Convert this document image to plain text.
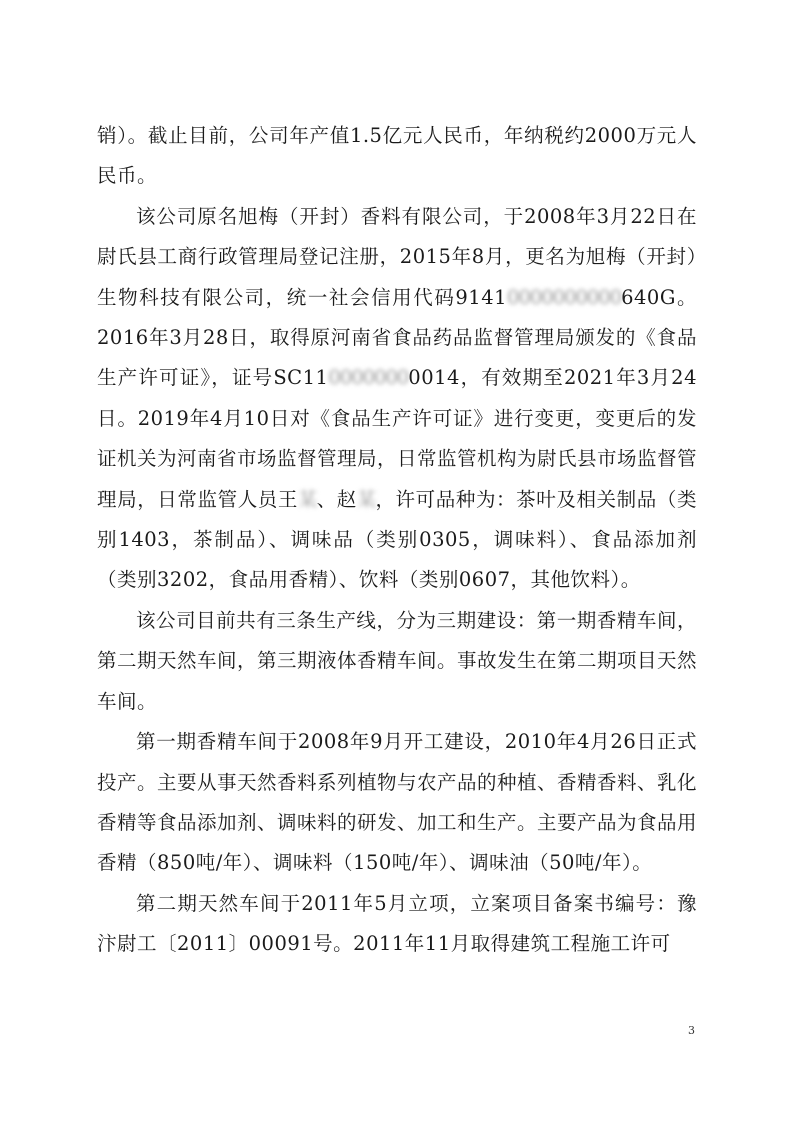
销）。截止目前，公司年产值1.5亿元人民币，年纳税约2000万元人民币。

该公司原名旭梅（开封）香料有限公司，于2008年3月22日在尉氏县工商行政管理局登记注册，2015年8月，更名为旭梅（开封）生物科技有限公司，统一社会信用代码91410000000000640G。2016年3月28日，取得原河南省食品药品监督管理局颁发的《食品生产许可证》，证号SC1100000000014，有效期至2021年3月24日。2019年4月10日对《食品生产许可证》进行变更，变更后的发证机关为河南省市场监督管理局，日常监管机构为尉氏县市场监督管理局，日常监管人员王某、赵某，许可品种为：茶叶及相关制品（类别1403，茶制品）、调味品（类别0305，调味料）、食品添加剂（类别3202，食品用香精）、饮料（类别0607，其他饮料）。

该公司目前共有三条生产线，分为三期建设：第一期香精车间，第二期天然车间，第三期液体香精车间。事故发生在第二期项目天然车间。

第一期香精车间于2008年9月开工建设，2010年4月26日正式投产。主要从事天然香料系列植物与农产品的种植、香精香料、乳化香精等食品添加剂、调味料的研发、加工和生产。主要产品为食品用香精（850吨/年）、调味料（150吨/年）、调味油（50吨/年）。

第二期天然车间于2011年5月立项，立案项目备案书编号：豫汴尉工〔2011〕00091号。2011年11月取得建筑工程施工许可

3
